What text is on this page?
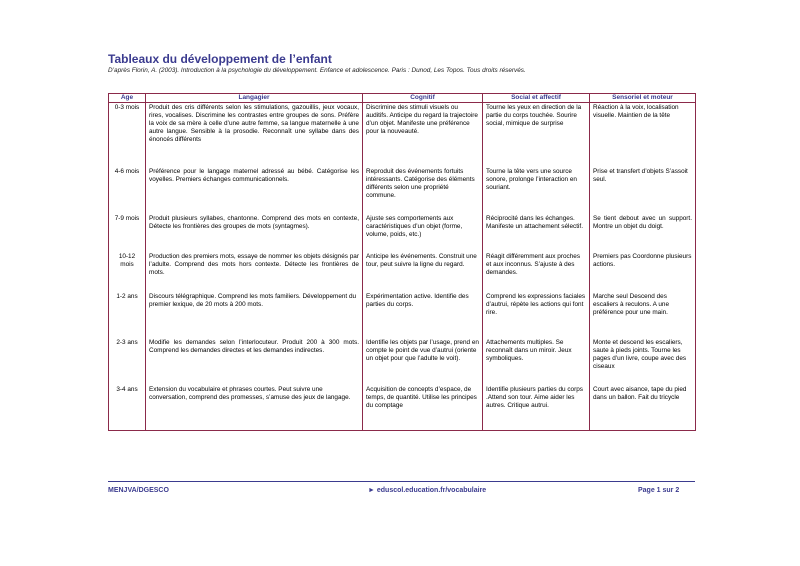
Tableaux du développement de l’enfant
D’après Florin, A. (2003). Introduction à la psychologie du développement. Enfance et adolescence. Paris : Dunod, Les Topos. Tous droits réservés.
Age	Langagier	Cognitif	Social et affectif	Sensoriel et moteur
0-3 mois	Produit des cris différents selon les stimulations, gazouillis, jeux vocaux, rires, vocalises. Discrimine les contrastes entre groupes de sons. Préfère la voix de sa mère à celle d’une autre femme, sa langue maternelle à une autre langue. Sensible à la prosodie. Reconnaît une syllabe dans des énoncés différents	Discrimine des stimuli visuels ou auditifs. Anticipe du regard la trajectoire d’un objet. Manifeste une préférence pour la nouveauté.	Tourne les yeux en direction de la partie du corps touchée. Sourire social, mimique de surprise	Réaction à la voix, localisation visuelle. Maintien de la tête
4-6 mois	Préférence pour le langage maternel adressé au bébé. Catégorise les voyelles. Premiers échanges communicationnels.	Reproduit des événements fortuits intéressants. Catégorise des éléments différents selon une propriété commune.	Tourne la tête vers une source sonore, prolonge l’interaction en souriant.	Prise et transfert d’objets S’assoit seul.
7-9 mois	Produit plusieurs syllabes, chantonne. Comprend des mots en contexte, Détecte les frontières des groupes de mots (syntagmes).	Ajuste ses comportements aux caractéristiques d’un objet (forme, volume, poids, etc.)	Réciprocité dans les échanges. Manifeste un attachement sélectif.	Se tient debout avec un support. Montre un objet du doigt.
10-12 mois	Production des premiers mots, essaye de nommer les objets désignés par l’adulte. Comprend des mots hors contexte. Détecte les frontières de mots.	Anticipe les événements. Construit une tour, peut suivre la ligne du regard.	Réagit différemment aux proches et aux inconnus. S’ajuste à des demandes.	Premiers pas Coordonne plusieurs actions.
1-2 ans	Discours télégraphique. Comprend les mots familiers. Développement du premier lexique, de 20 mots à 200 mots.	Expérimentation active. Identifie des parties du corps.	Comprend les expressions faciales d’autrui, répète les actions qui font rire.	Marche seul Descend des escaliers à reculons. A une préférence pour une main.
2-3 ans	Modifie les demandes selon l’interlocuteur. Produit 200 à 300 mots. Comprend les demandes directes et les demandes indirectes.	Identifie les objets par l’usage, prend en compte le point de vue d’autrui (oriente un objet pour que l’adulte le voit).	Attachements multiples. Se reconnaît dans un miroir. Jeux symboliques.	Monte et descend les escaliers, saute à pieds joints. Tourne les pages d’un livre, coupe avec des ciseaux
3-4 ans	Extension du vocabulaire et phrases courtes. Peut suivre une conversation, comprend des promesses, s’amuse des jeux de langage.	Acquisition de concepts d’espace, de temps, de quantité. Utilise les principes du comptage	Identifie plusieurs parties du corps .Attend son tour. Aime aider les autres. Critique autrui.	Court avec aisance, tape du pied dans un ballon. Fait du tricycle
MENJVA/DGESCO	► eduscol.education.fr/vocabulaire	Page 1 sur 2
